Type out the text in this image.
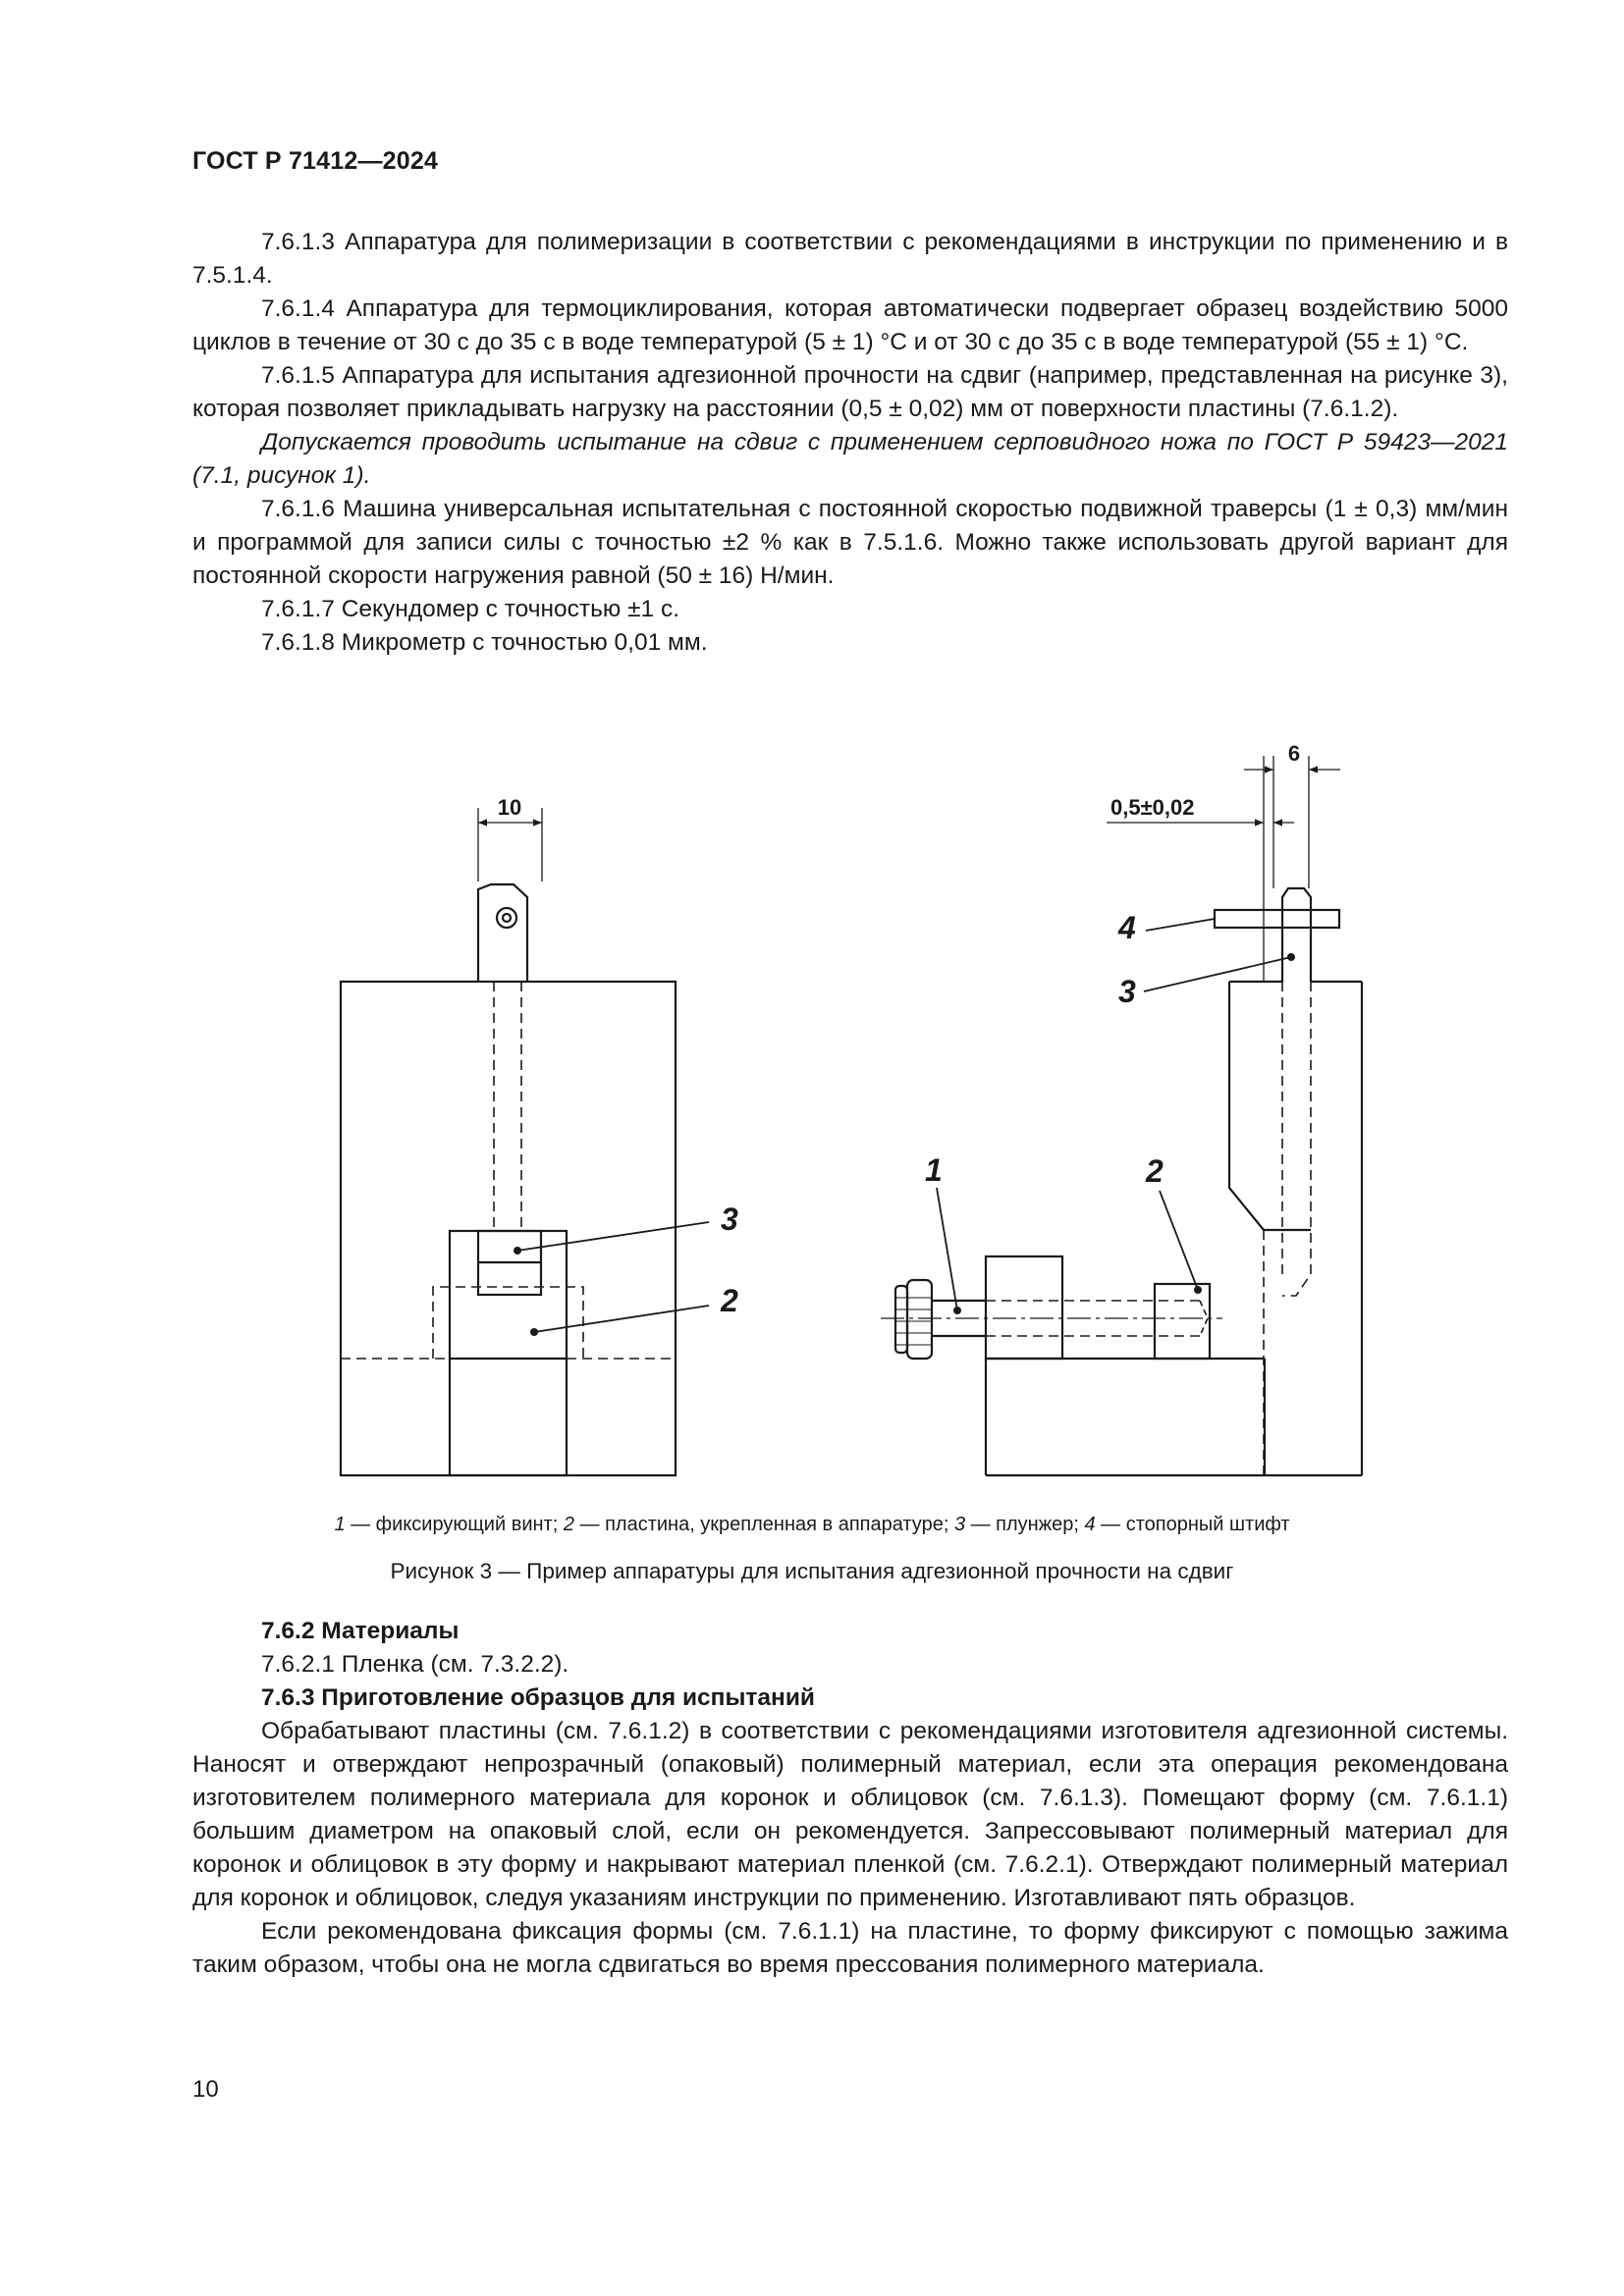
ГОСТ Р 71412—2024

7.6.1.3 Аппаратура для полимеризации в соответствии с рекомендациями в инструкции по применению и в 7.5.1.4.

7.6.1.4 Аппаратура для термоциклирования, которая автоматически подвергает образец воздействию 5000 циклов в течение от 30 с до 35 с в воде температурой (5 ± 1) °С и от 30 с до 35 с в воде температурой (55 ± 1) °С.

7.6.1.5 Аппаратура для испытания адгезионной прочности на сдвиг (например, представленная на рисунке 3), которая позволяет прикладывать нагрузку на расстоянии (0,5 ± 0,02) мм от поверхности пластины (7.6.1.2).

Допускается проводить испытание на сдвиг с применением серповидного ножа по ГОСТ Р 59423—2021 (7.1, рисунок 1).

7.6.1.6 Машина универсальная испытательная с постоянной скоростью подвижной траверсы (1 ± 0,3) мм/мин и программой для записи силы с точностью ±2 % как в 7.5.1.6. Можно также использовать другой вариант для постоянной скорости нагружения равной (50 ± 16) Н/мин.

7.6.1.7 Секундомер с точностью ±1 с.

7.6.1.8 Микрометр с точностью 0,01 мм.

10
6
0,5±0,02
3
2
4
3
1	2
1 — фиксирующий винт; 2 — пластина, укрепленная в аппаратуре; 3 — плунжер; 4 — стопорный штифт
Рисунок 3 — Пример аппаратуры для испытания адгезионной прочности на сдвиг

7.6.2 Материалы

7.6.2.1 Пленка (см. 7.3.2.2).

7.6.3 Приготовление образцов для испытаний

Обрабатывают пластины (см. 7.6.1.2) в соответствии с рекомендациями изготовителя адгезионной системы. Наносят и отверждают непрозрачный (опаковый) полимерный материал, если эта операция рекомендована изготовителем полимерного материала для коронок и облицовок (см. 7.6.1.3). Помещают форму (см. 7.6.1.1) большим диаметром на опаковый слой, если он рекомендуется. Запрессовывают полимерный материал для коронок и облицовок в эту форму и накрывают материал пленкой (см. 7.6.2.1). Отверждают полимерный материал для коронок и облицовок, следуя указаниям инструкции по применению. Изготавливают пять образцов.

Если рекомендована фиксация формы (см. 7.6.1.1) на пластине, то форму фиксируют с помощью зажима таким образом, чтобы она не могла сдвигаться во время прессования полимерного материала.

10
